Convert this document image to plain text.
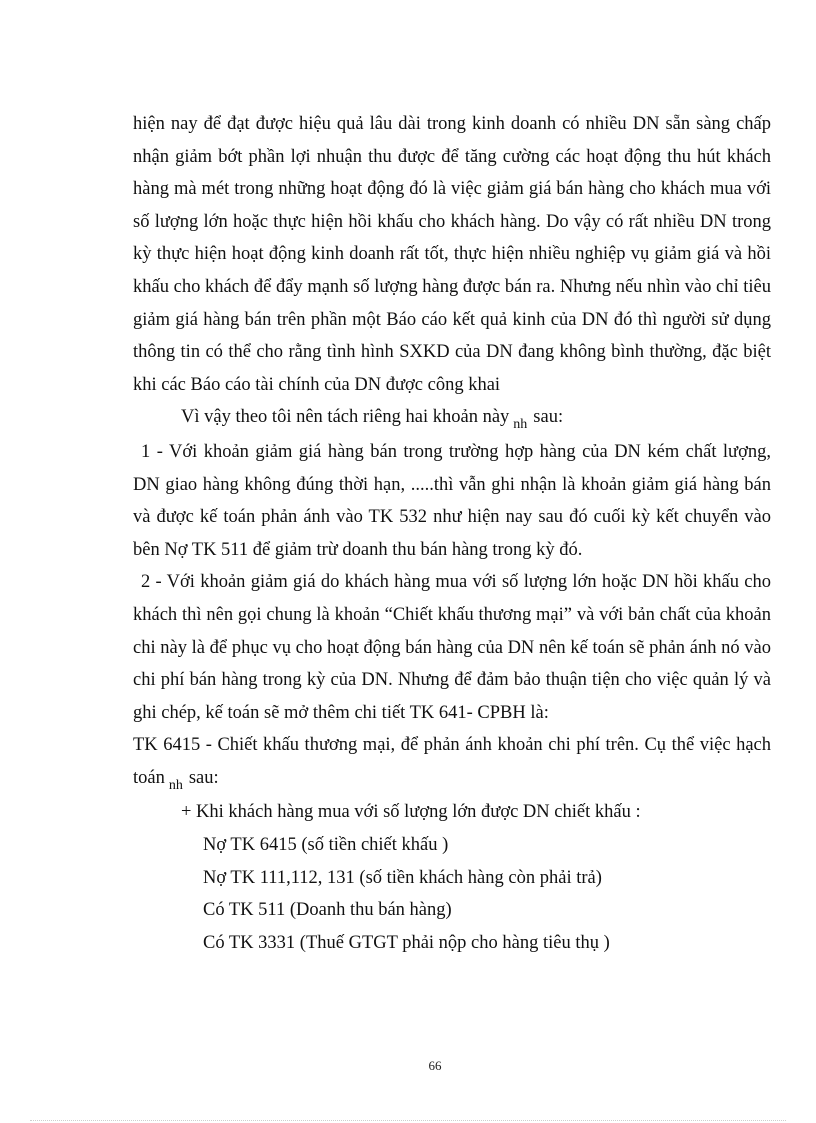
hiện nay để đạt được hiệu quả lâu dài trong kinh doanh có nhiều DN sẵn sàng chấp nhận giảm bớt phần lợi nhuận thu được để tăng cường các hoạt động thu hút khách hàng mà mét trong những hoạt động đó là việc giảm giá bán hàng cho khách mua với số lượng lớn hoặc thực hiện hồi khấu cho khách hàng. Do vậy có rất nhiều DN trong kỳ thực hiện hoạt động kinh doanh rất tốt, thực hiện nhiều nghiệp vụ giảm giá và hồi khấu cho khách để đẩy mạnh số lượng hàng được bán ra. Nhưng nếu nhìn vào chỉ tiêu giảm giá hàng bán trên phần một Báo cáo kết quả kinh của DN đó thì người sử dụng thông tin có thể cho rằng tình hình SXKD của DN đang không bình thường, đặc biệt khi các Báo cáo tài chính của DN được công khai

Vì vậy theo tôi nên tách riêng hai khoản này $_{nh}$ sau:

1 - Với khoản giảm giá hàng bán trong trường hợp hàng của DN kém chất lượng, DN giao hàng không đúng thời hạn, .....thì vẫn ghi nhận là khoản giảm giá hàng bán và được kế toán phản ánh vào TK 532 như hiện nay sau đó cuối kỳ kết chuyển vào bên Nợ TK 511 để giảm trừ doanh thu bán hàng trong kỳ đó.

2 - Với khoản giảm giá do khách hàng mua với số lượng lớn hoặc DN hồi khấu cho khách thì nên gọi chung là khoản “Chiết khấu thương mại” và với bản chất của khoản chi này là để phục vụ cho hoạt động bán hàng của DN nên kế toán sẽ phản ánh nó vào chi phí bán hàng trong kỳ của DN. Nhưng để đảm bảo thuận tiện cho việc quản lý và ghi chép, kế toán sẽ mở thêm chi tiết TK 641- CPBH là:

TK 6415 - Chiết khấu thương mại, để phản ánh khoản chi phí trên. Cụ thể việc hạch toán $_{nh}$ sau:

+ Khi khách hàng mua với số lượng lớn được DN chiết khấu :

Nợ TK 6415 (số tiền chiết khấu )

Nợ TK 111,112, 131 (số tiền khách hàng còn phải trả)

Có TK 511 (Doanh thu bán hàng)

Có TK 3331 (Thuế GTGT phải nộp cho hàng tiêu thụ )

66
